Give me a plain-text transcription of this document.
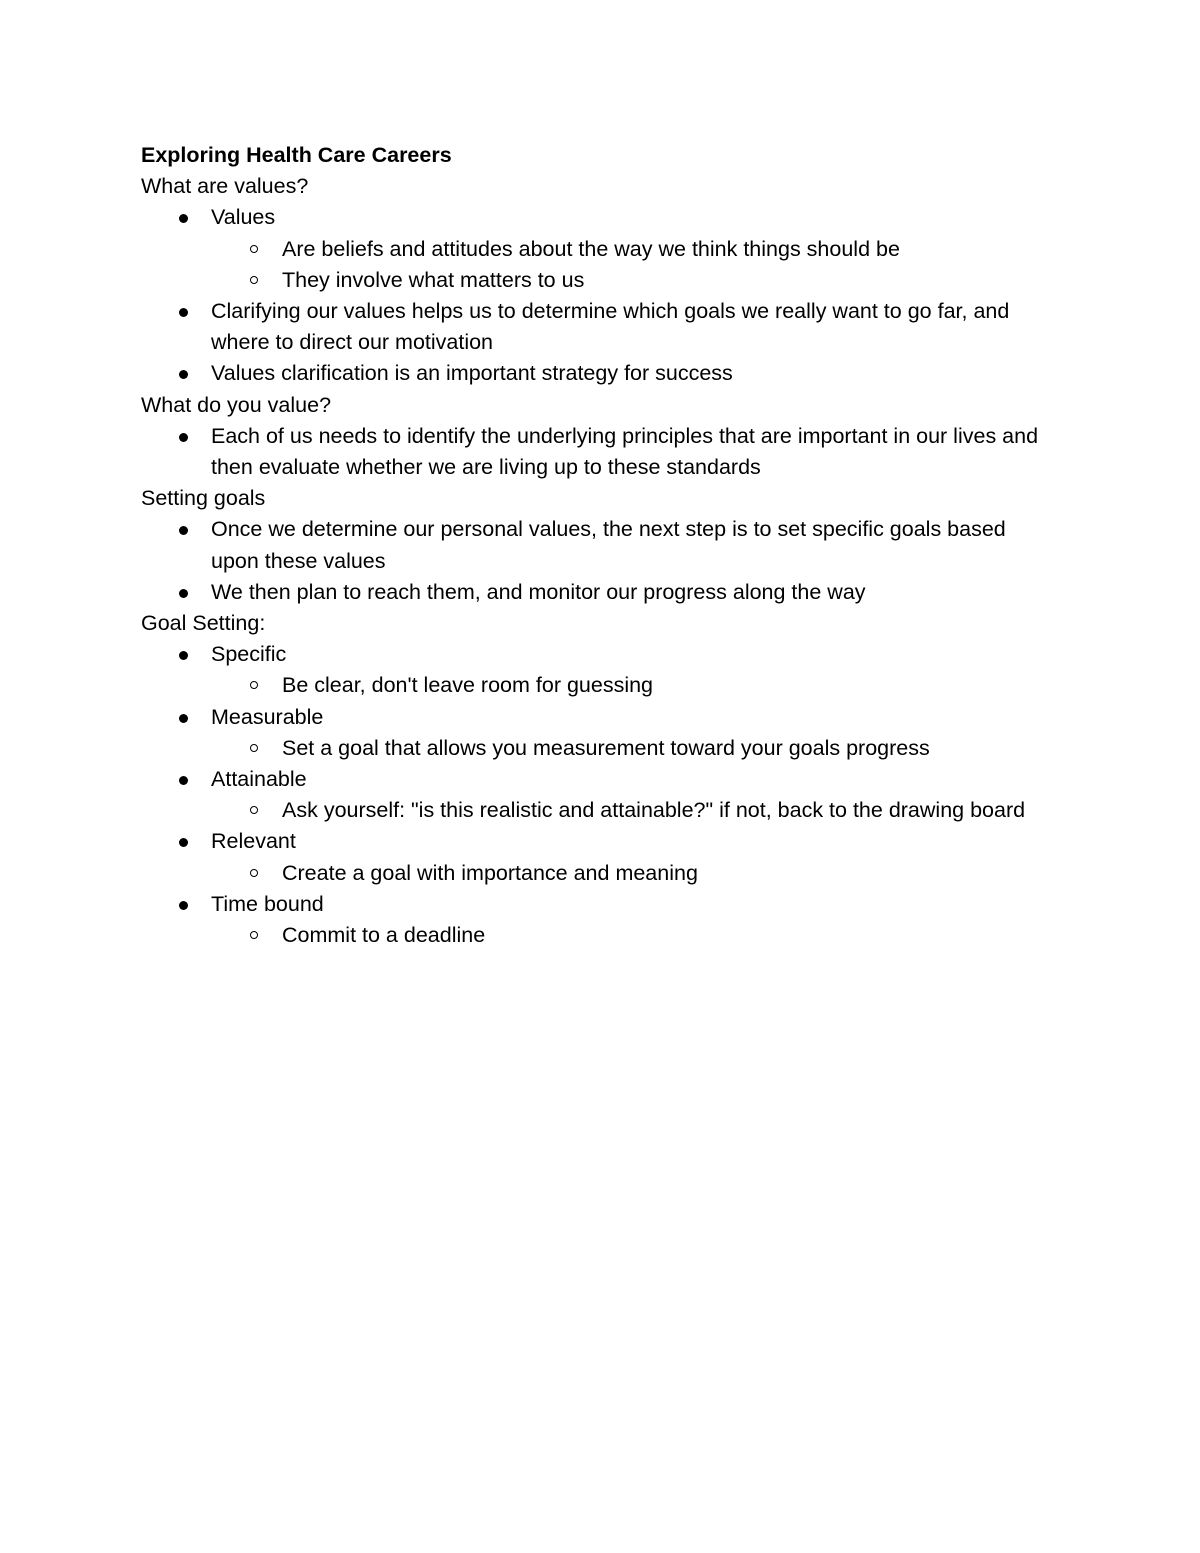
Exploring Health Care Careers

What are values?

Values
Are beliefs and attitudes about the way we think things should be
They involve what matters to us
Clarifying our values helps us to determine which goals we really want to go far, and where to direct our motivation
Values clarification is an important strategy for success

What do you value?

Each of us needs to identify the underlying principles that are important in our lives and then evaluate whether we are living up to these standards

Setting goals

Once we determine our personal values, the next step is to set specific goals based upon these values
We then plan to reach them, and monitor our progress along the way

Goal Setting:

Specific
Be clear, don't leave room for guessing
Measurable
Set a goal that allows you measurement toward your goals progress
Attainable
Ask yourself: "is this realistic and attainable?" if not, back to the drawing board
Relevant
Create a goal with importance and meaning
Time bound
Commit to a deadline
